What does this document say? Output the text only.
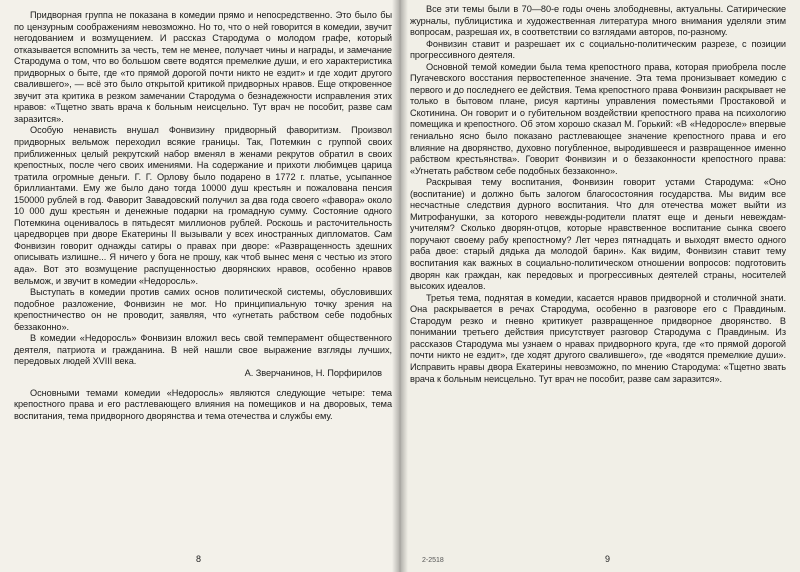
Придворная группа не показана в комедии прямо и непосредственно. Это было бы по цензурным соображениям невозможно. Но то, что о ней говорится в комедии, звучит негодованием и возмущением. И рассказ Стародума о молодом графе, который отказывается вспомнить за честь, тем не менее, получает чины и награды, и замечание Стародума о том, что во большом свете водятся премелкие души, и его характеристика придворных о быте, где «то прямой дорогой почти никто не ездит» и где ходит другого свалившего», — всё это было открытой критикой придворных нравов. Еще откровенное звучит эта критика в резком замечании Стародума о безнадежности исправления этих нравов: «Тщетно звать врача к больным неисцельно. Тут врач не пособит, разве сам заразится».

Особую ненависть внушал Фонвизину придворный фаворитизм. Произвол придворных вельмож переходил всякие границы. Так, Потемкин с группой своих приближенных целый рекрутский набор вменял в женами рекрутов обратил в своих крепостных, после чего своих имениями. На содержание и прихоти любимцев царица тратила огромные деньги. Г. Г. Орлову было подарено в 1772 г. платье, усыпанное бриллиантами. Ему же было дано тогда 10000 душ крестьян и пожалована пенсия 150000 рублей в год. Фаворит Завадовский получил за два года своего «фавора» около 10 000 душ крестьян и денежные подарки на громадную сумму. Состояние одного Потемкина оценивалось в пятьдесят миллионов рублей. Роскошь и расточительность царедворцев при дворе Екатерины II вызывали у всех иностранных дипломатов. Сам Фонвизин говорит однажды сатиры о правах при дворе: «Развращенность здешних описывать излишне... Я ничего у бога не прошу, как чтоб вынес меня с честью из этого ада». Вот это возмущение распущенностью дворянских нравов, особенно нравов вельмож, и звучит в комедии «Недоросль».

Выступать в комедии против самих основ политической системы, обусловивших подобное разложение, Фонвизин не мог. Но принципиальную точку зрения на крепостничество он не проводит, заявляя, что «угнетать рабством себе подобных беззаконно».

В комедии «Недоросль» Фонвизин вложил весь свой темперамент общественного деятеля, патриота и гражданина. В ней нашли свое выражение взгляды лучших, передовых людей XVIII века.

А. Зверчанинов, Н. Порфирилов

Основными темами комедии «Недоросль» являются следующие четыре: тема крепостного права и его растлевающего влияния на помещиков и на дворовых, тема воспитания, тема придворного дворянства и тема отечества и службы ему.

8

Все эти темы были в 70—80-е годы очень злободневны, актуальны. Сатирические журналы, публицистика и художественная литература много внимания уделяли этим вопросам, разрешая их, в соответствии со взглядами авторов, по-разному.

Фонвизин ставит и разрешает их с социально-политическим разрезе, с позиции прогрессивного деятеля.

Основной темой комедии была тема крепостного права, которая приобрела после Пугачевского восстания первостепенное значение. Эта тема пронизывает комедию с первого и до последнего ее действия. Тема крепостного права Фонвизин раскрывает не только в бытовом плане, рисуя картины управления поместьями Простаковой и Скотинина. Он говорит и о губительном воздействии крепостного права на психологию помещика и крепостного. Об этом хорошо сказал М. Горький: «В «Недоросле» впервые гениально ясно было показано растлевающее значение крепостного права и его влияние на дворянство, духовно погубленное, выродившееся и развращенное именно рабством крестьянства». Говорит Фонвизин и о беззаконности крепостного права: «Угнетать рабством себе подобных беззаконно».

Раскрывая тему воспитания, Фонвизин говорит устами Стародума: «Оно (воспитание) и должно быть залогом благосостояния государства. Мы видим все несчастные следствия дурного воспитания. Что для отечества может выйти из Митрофанушки, за которого невежды-родители платят еще и деньги невеждам-учителям? Сколько дворян-отцов, которые нравственное воспитание сынка своего поручают своему рабу крепостному? Лет через пятнадцать и выходят вместо одного раба двое: старый дядька да молодой барин». Как видим, Фонвизин ставит тему воспитания как важных в социально-политическом отношении вопросов: подготовить дворян как граждан, как передовых и прогрессивных деятелей страны, носителей высоких идеалов.

Третья тема, поднятая в комедии, касается нравов придворной и столичной знати. Она раскрывается в речах Стародума, особенно в разговоре его с Правдиным. Стародум резко и гневно критикует развращенное придворное дворянство. В понимании третьего действия присутствует разговор Стародума с Правдиным. Из рассказов Стародума мы узнаем о нравах придворного круга, где «то прямой дорогой почти никто не ездит», где ходят другого свалившего», где «водятся премелкие души». Исправить нравы двора Екатерины невозможно, по мнению Стародума: «Тщетно звать врача к больным неисцельно. Тут врач не пособит, разве сам заразится».

2-2518	9
